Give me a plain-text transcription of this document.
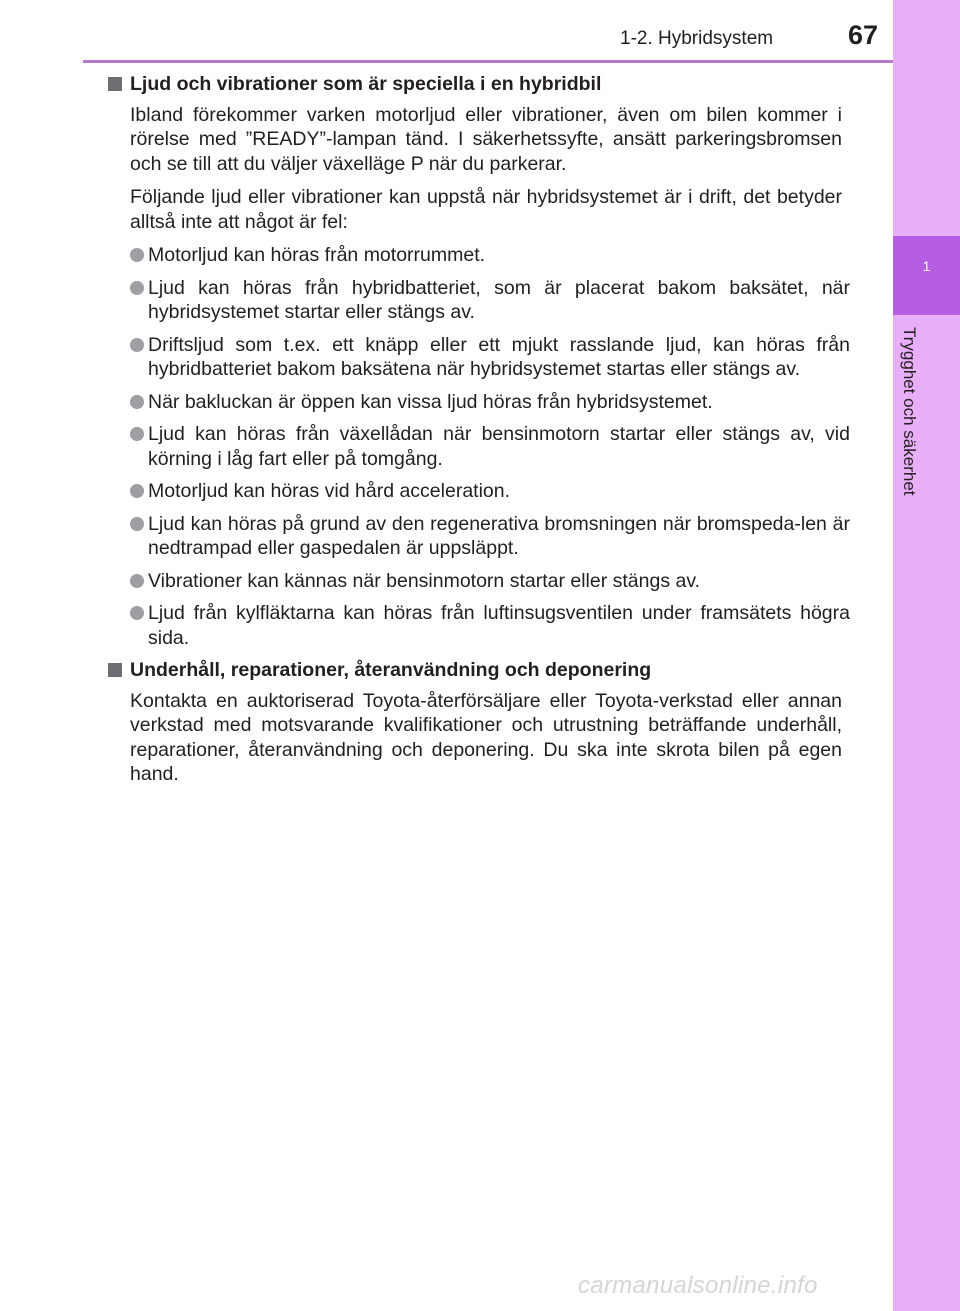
1-2. Hybridsystem	67
1
Trygghet och säkerhet
Ljud och vibrationer som är speciella i en hybridbil
Ibland förekommer varken motorljud eller vibrationer, även om bilen kommer i rörelse med ”READY”-lampan tänd. I säkerhetssyfte, ansätt parkeringsbromsen och se till att du väljer växelläge P när du parkerar.
Följande ljud eller vibrationer kan uppstå när hybridsystemet är i drift, det betyder alltså inte att något är fel:
Motorljud kan höras från motorrummet.
Ljud kan höras från hybridbatteriet, som är placerat bakom baksätet, när hybridsystemet startar eller stängs av.
Driftsljud som t.ex. ett knäpp eller ett mjukt rasslande ljud, kan höras från hybridbatteriet bakom baksätena när hybridsystemet startas eller stängs av.
När bakluckan är öppen kan vissa ljud höras från hybridsystemet.
Ljud kan höras från växellådan när bensinmotorn startar eller stängs av, vid körning i låg fart eller på tomgång.
Motorljud kan höras vid hård acceleration.
Ljud kan höras på grund av den regenerativa bromsningen när bromspeda-len är nedtrampad eller gaspedalen är uppsläppt.
Vibrationer kan kännas när bensinmotorn startar eller stängs av.
Ljud från kylfläktarna kan höras från luftinsugsventilen under framsätets högra sida.
Underhåll, reparationer, återanvändning och deponering
Kontakta en auktoriserad Toyota-återförsäljare eller Toyota-verkstad eller annan verkstad med motsvarande kvalifikationer och utrustning beträffande underhåll, reparationer, återanvändning och deponering. Du ska inte skrota bilen på egen hand.
carmanualsonline.info
